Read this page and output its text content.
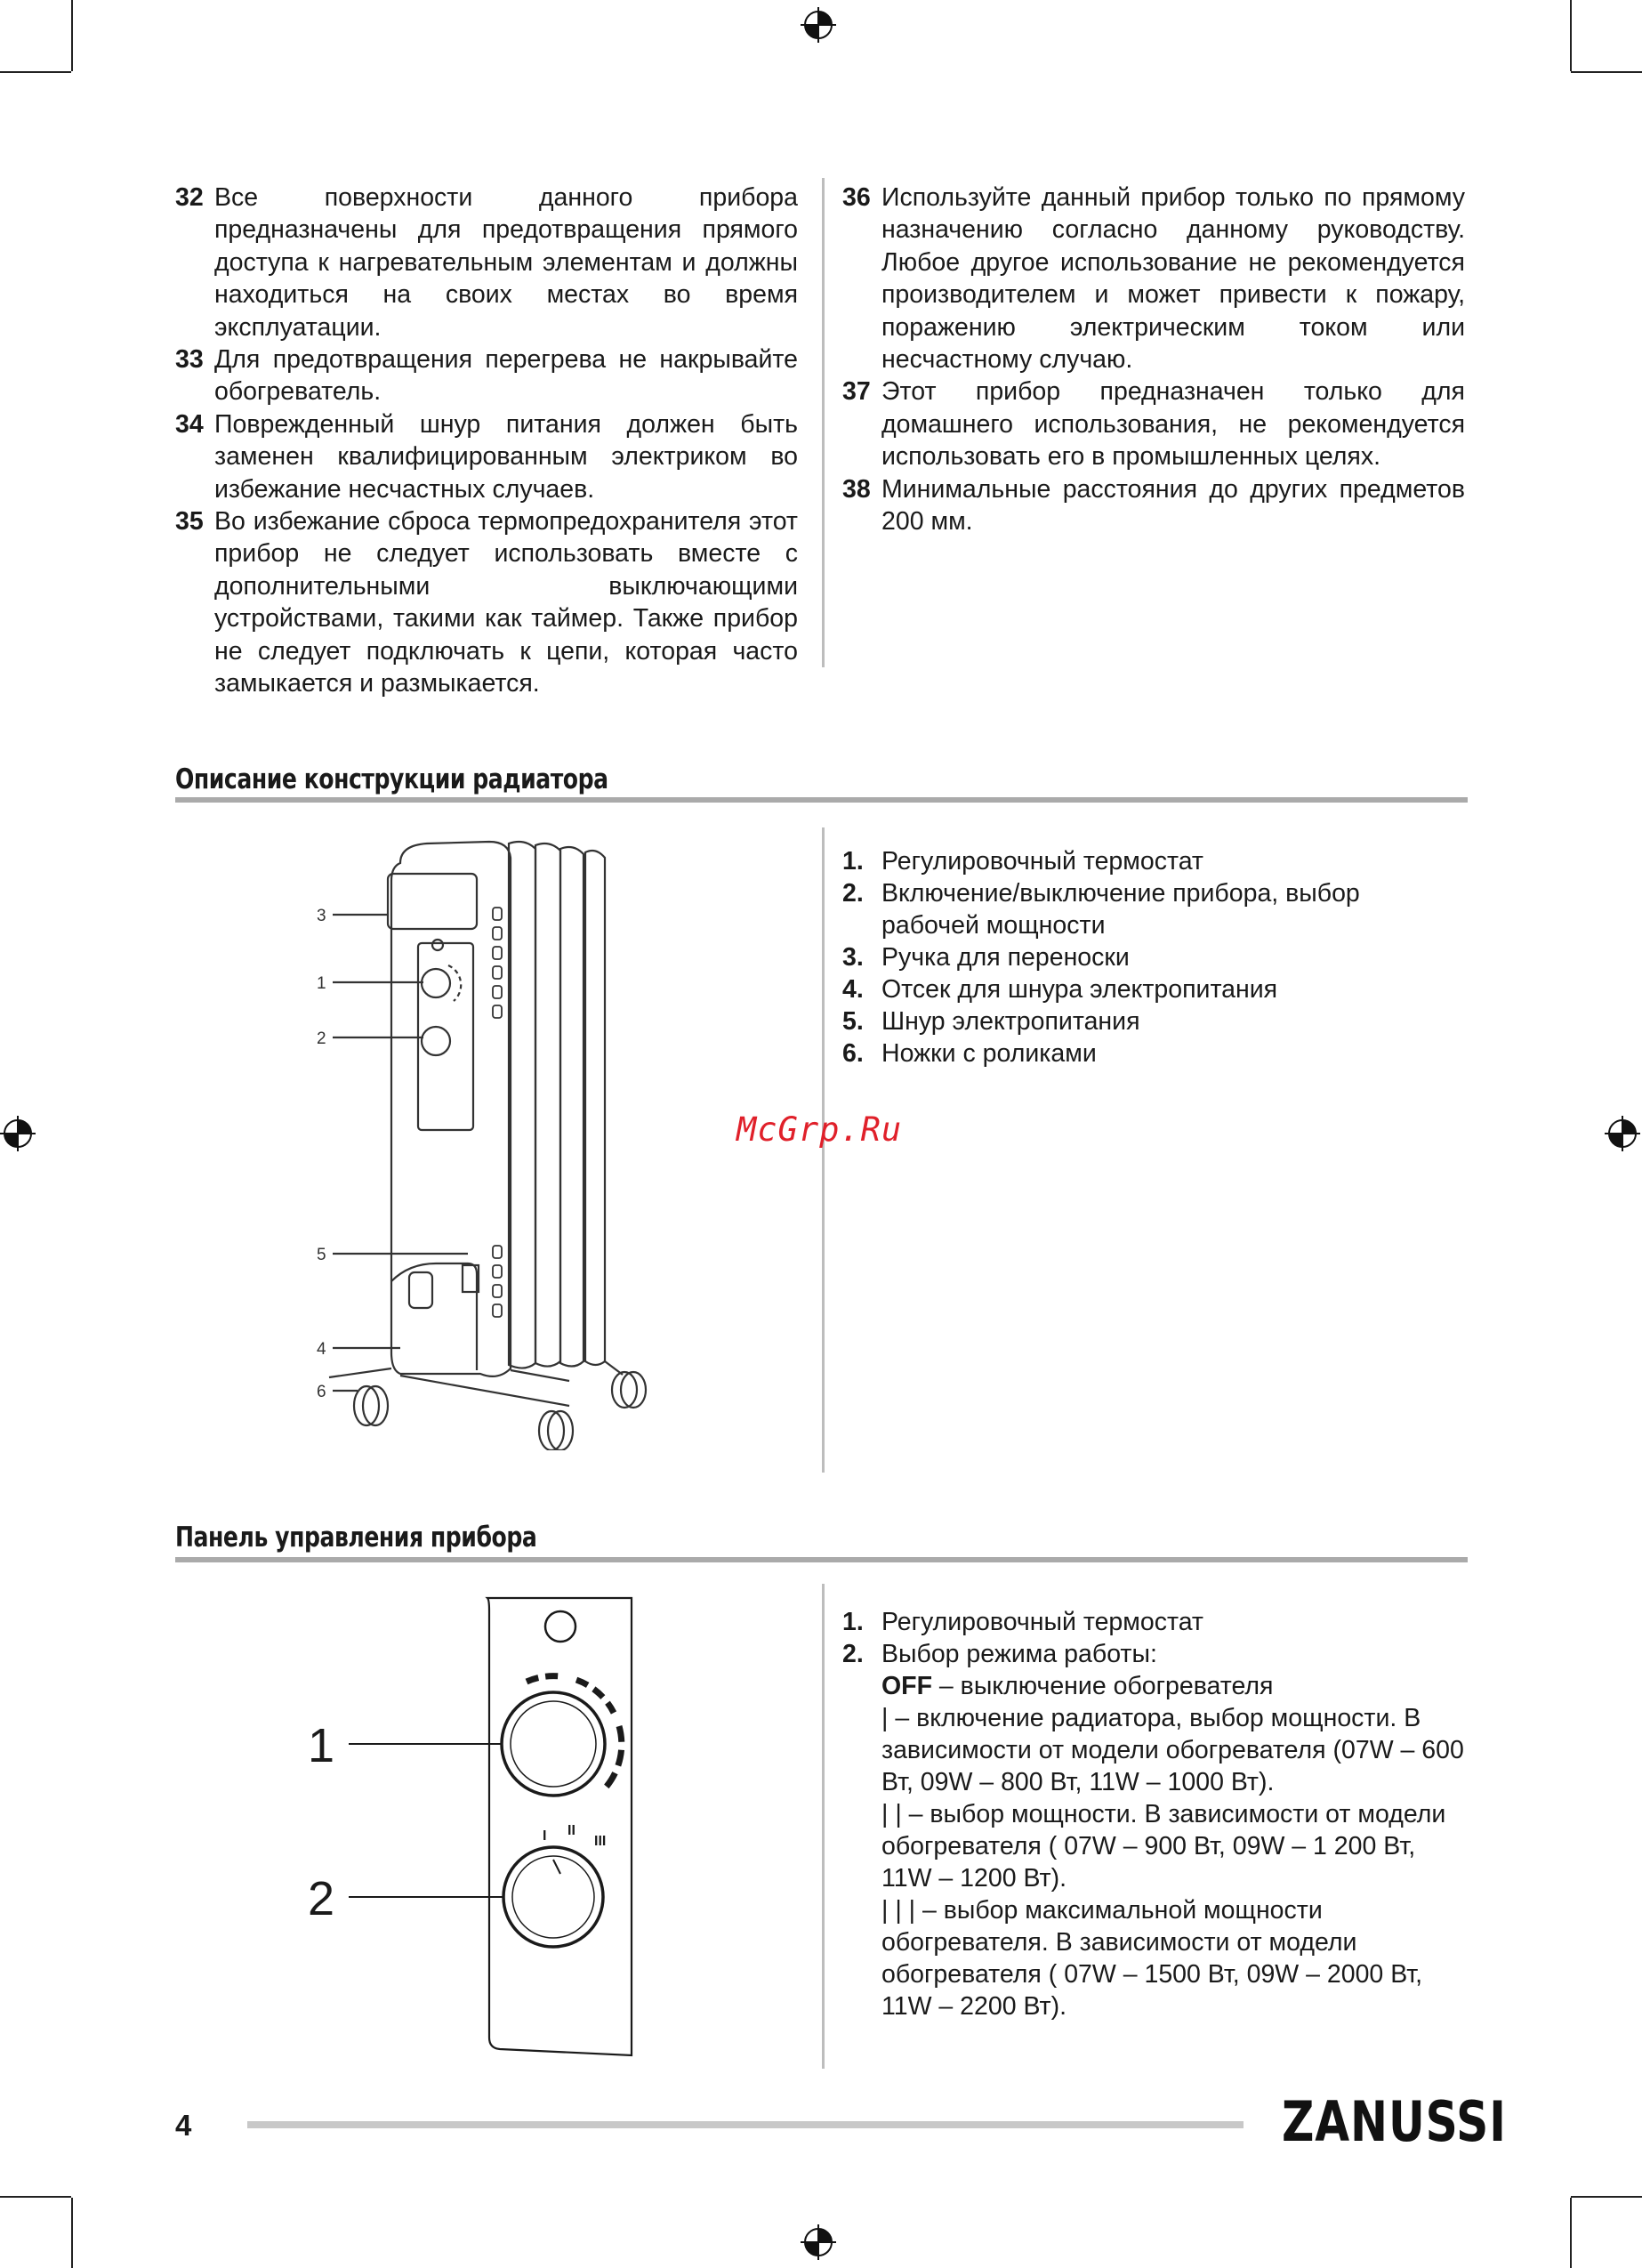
32 Все поверхности данного прибора предназначены для предотвращения прямого доступа к нагревательным элементам и должны находиться на своих местах во время эксплуатации.
33 Для предотвращения перегрева не накрывайте обогреватель.
34 Поврежденный шнур питания должен быть заменен квалифицированным электриком во избежание несчастных случаев.
35 Во избежание сброса термопредохранителя этот прибор не следует использовать вместе с дополнительными выключающими устройствами, такими как таймер. Также прибор не следует подключать к цепи, которая часто замыкается и размыкается.
36 Используйте данный прибор только по прямому назначению согласно данному руководству. Любое другое использование не рекомендуется производителем и может привести к пожару, поражению электрическим током или несчастному случаю.
37 Этот прибор предназначен только для домашнего использования, не рекомендуется использовать его в промышленных целях.
38 Минимальные расстояния до других предметов 200 мм.
Описание конструкции радиатора
3
1
2
5
4
6
1. Регулировочный термостат
2. Включение/выключение прибора, выбор рабочей мощности
3. Ручка для переноски
4. Отсек для шнура электропитания
5. Шнур электропитания
6. Ножки с роликами
McGrp.Ru
Панель управления прибора
1
2
I II
III
1. Регулировочный термостат
2. Выбор режима работы:
OFF – выключение обогревателя
| – включение радиатора, выбор мощности. В зависимости от модели обогревателя (07W – 600 Вт, 09W – 800 Вт, 11W – 1000 Вт).
| | – выбор мощности. В зависимости от модели обогревателя ( 07W – 900 Вт, 09W – 1 200 Вт, 11W – 1200 Вт).
| | | – выбор максимальной мощности обогревателя. В зависимости от модели обогревателя ( 07W – 1500 Вт, 09W – 2000 Вт, 11W – 2200 Вт).
4	ZANUSSI
